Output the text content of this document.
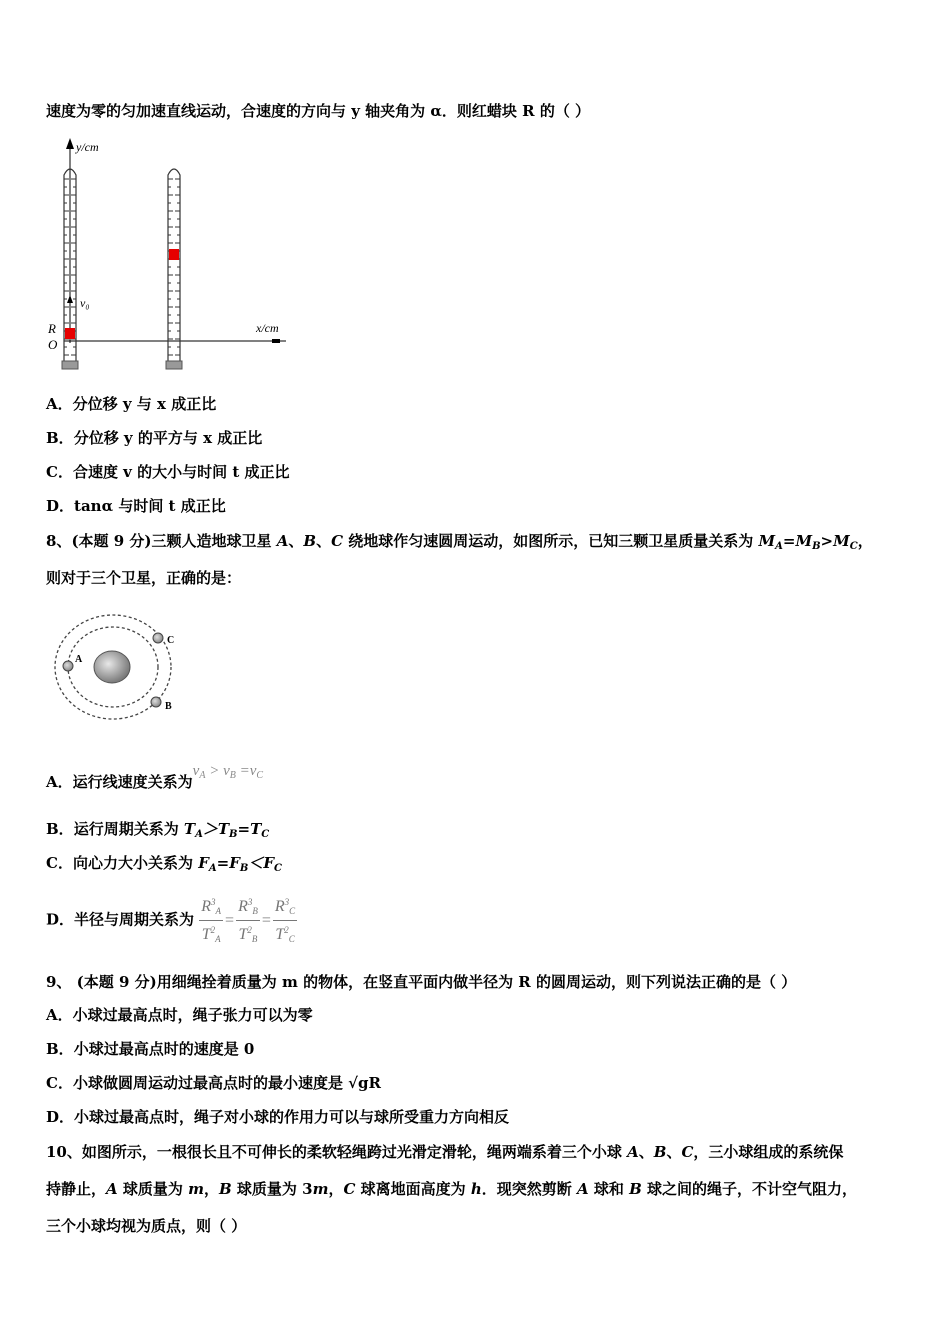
速度为零的匀加速直线运动，合速度的方向与 y 轴夹角为 α．则红蜡块 R 的（ ）
y/cm
x/cm
v₀
R
O
A．分位移 y 与 x 成正比
B．分位移 y 的平方与 x 成正比
C．合速度 v 的大小与时间 t 成正比
D．tanα 与时间 t 成正比
8、(本题 9 分)三颗人造地球卫星 A、B、C 绕地球作匀速圆周运动，如图所示，已知三颗卫星质量关系为 $M_A=M_B>M_C$，
则对于三个卫星，正确的是：
A
B
C
A．运行线速度关系为$v_A > v_B =v_C$
B．运行周期关系为 $T_A>T_B=T_C$
C．向心力大小关系为 $F_A=F_B<F_C$
D．半径与周期关系为 $\frac{R^3_A}{T^2_A} = \frac{R^3_B}{T^2_B} = \frac{R^3_C}{T^2_C}$
9、 (本题 9 分)用细绳拴着质量为 m 的物体，在竖直平面内做半径为 R 的圆周运动，则下列说法正确的是（ ）
A．小球过最高点时，绳子张力可以为零
B．小球过最高点时的速度是 0
C．小球做圆周运动过最高点时的最小速度是 √gR
D．小球过最高点时，绳子对小球的作用力可以与球所受重力方向相反
10、如图所示，一根很长且不可伸长的柔软轻绳跨过光滑定滑轮，绳两端系着三个小球 A、B、C，三小球组成的系统保
持静止，A 球质量为 m，B 球质量为 3m，C 球离地面高度为 h．现突然剪断 A 球和 B 球之间的绳子，不计空气阻力，
三个小球均视为质点，则（ ）
